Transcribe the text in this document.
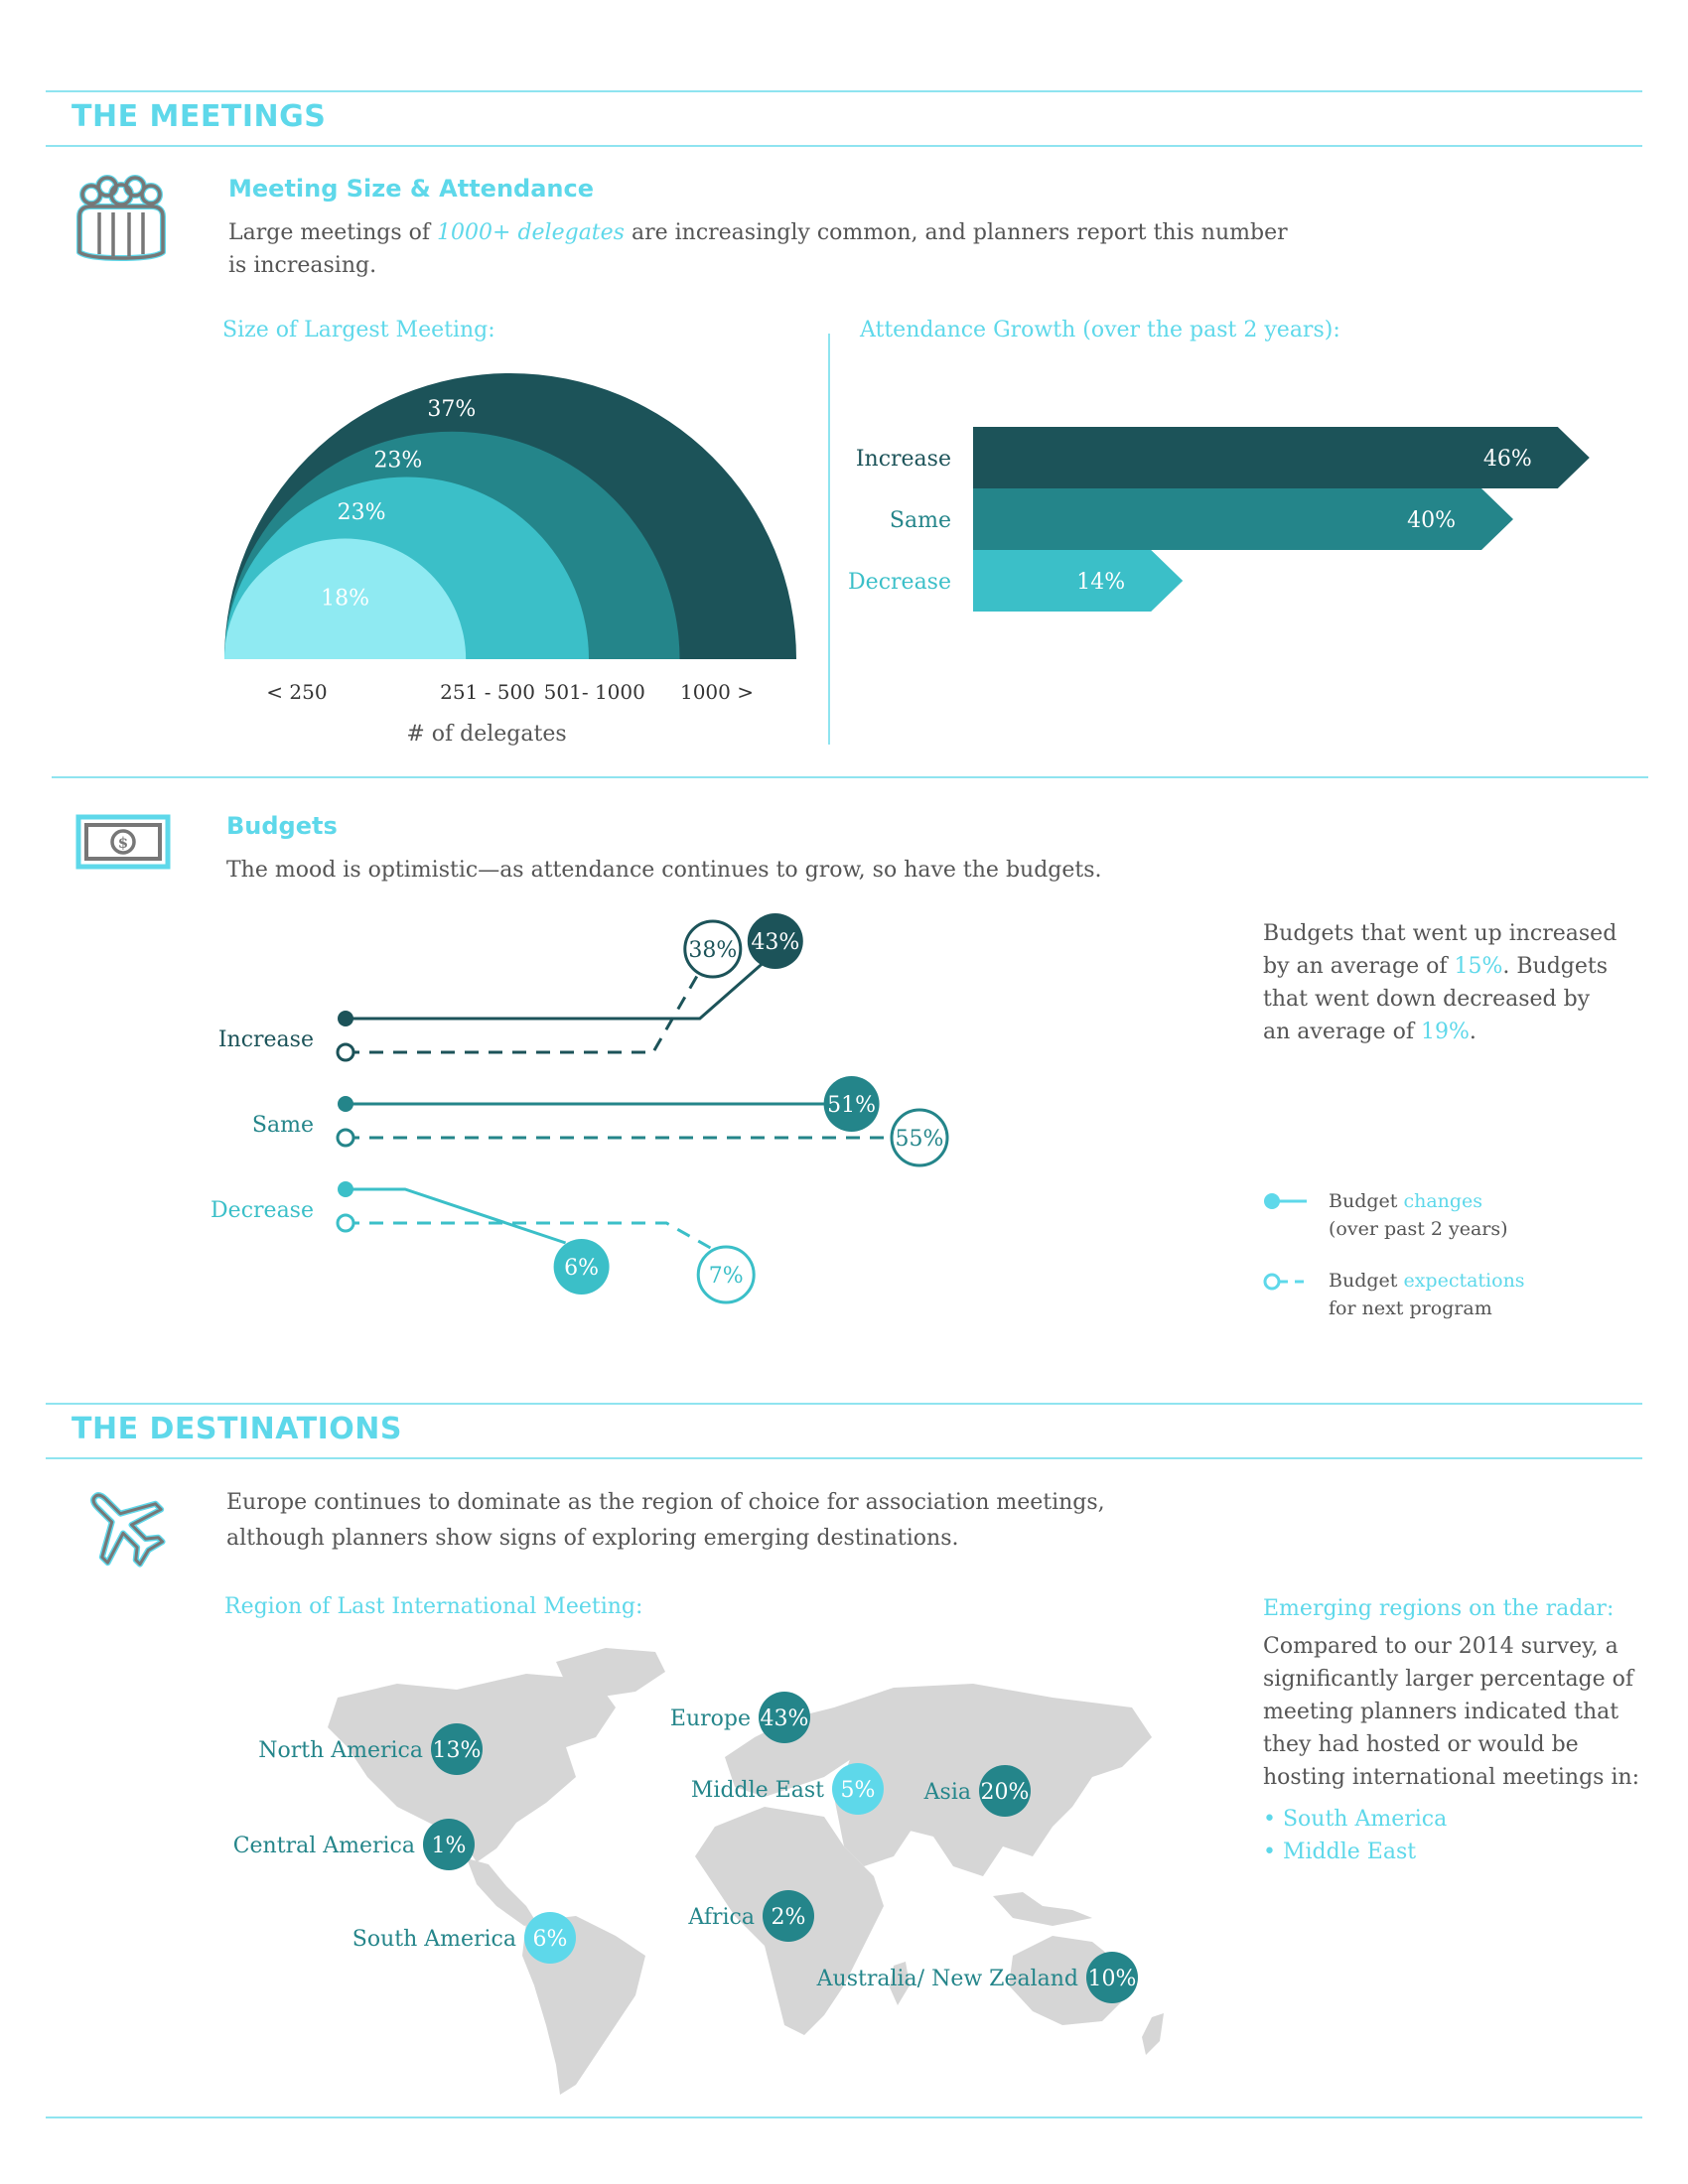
THE MEETINGS
Meeting Size & Attendance
Large meetings of 1000+ delegates are increasingly common, and planners report this number
is increasing.
Size of Largest Meeting:
18%
< 250
23%
251 - 500
23%
501- 1000
37%
1000 >
# of delegates
Attendance Growth (over the past 2 years):
46%
Increase
40%
Same
14%
Decrease
$
Budgets
The mood is optimistic—as attendance continues to grow, so have the budgets.
Increase
43%
38%
Same
51%
55%
Decrease
6%	7%
Budgets that went up increased
by an average of 15%. Budgets
that went down decreased by
an average of 19%.
Budget changes
(over past 2 years)
Budget expectations
for next program
THE DESTINATIONS
Europe continues to dominate as the region of choice for association meetings,
although planners show signs of exploring emerging destinations.
Region of Last International Meeting:
13%
North America
1%
Central America
6%
South America
43%
Europe
5%
Middle East	20%
Asia
2%
Africa
10%
Australia/ New Zealand
Emerging regions on the radar:
Compared to our 2014 survey, a
significantly larger percentage of
meeting planners indicated that
they had hosted or would be
hosting international meetings in:
• South America
• Middle East
